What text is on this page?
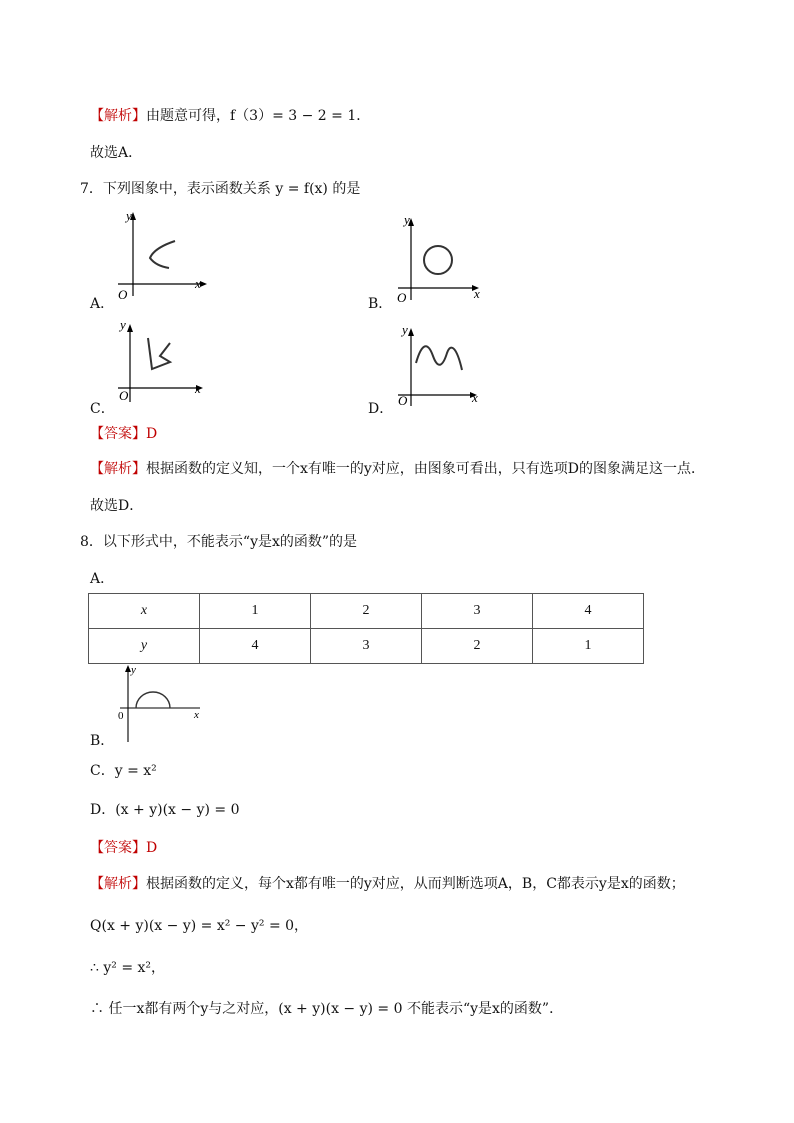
【解析】由题意可得，f（3）= 3 − 2 = 1．
故选A．
7．下列图象中，表示函数关系 y = f(x) 的是
A．
y
x
O
B．
y
x
O
C．
y
x
O
D．
y
x
O
【答案】D
【解析】根据函数的定义知，一个x有唯一的y对应，由图象可看出，只有选项D的图象满足这一点．
故选D．
8．以下形式中，不能表示“y是x的函数”的是
A．
x	1	2	3	4
y	4	3	2	1
y
x
0
B．
C．y = x²
D．(x + y)(x − y) = 0
【答案】D
【解析】根据函数的定义，每个x都有唯一的y对应，从而判断选项A，B，C都表示y是x的函数；
Q(x + y)(x − y) = x² − y² = 0，
∴ y² = x²，
∴ 任一x都有两个y与之对应，(x + y)(x − y) = 0 不能表示“y是x的函数”．
